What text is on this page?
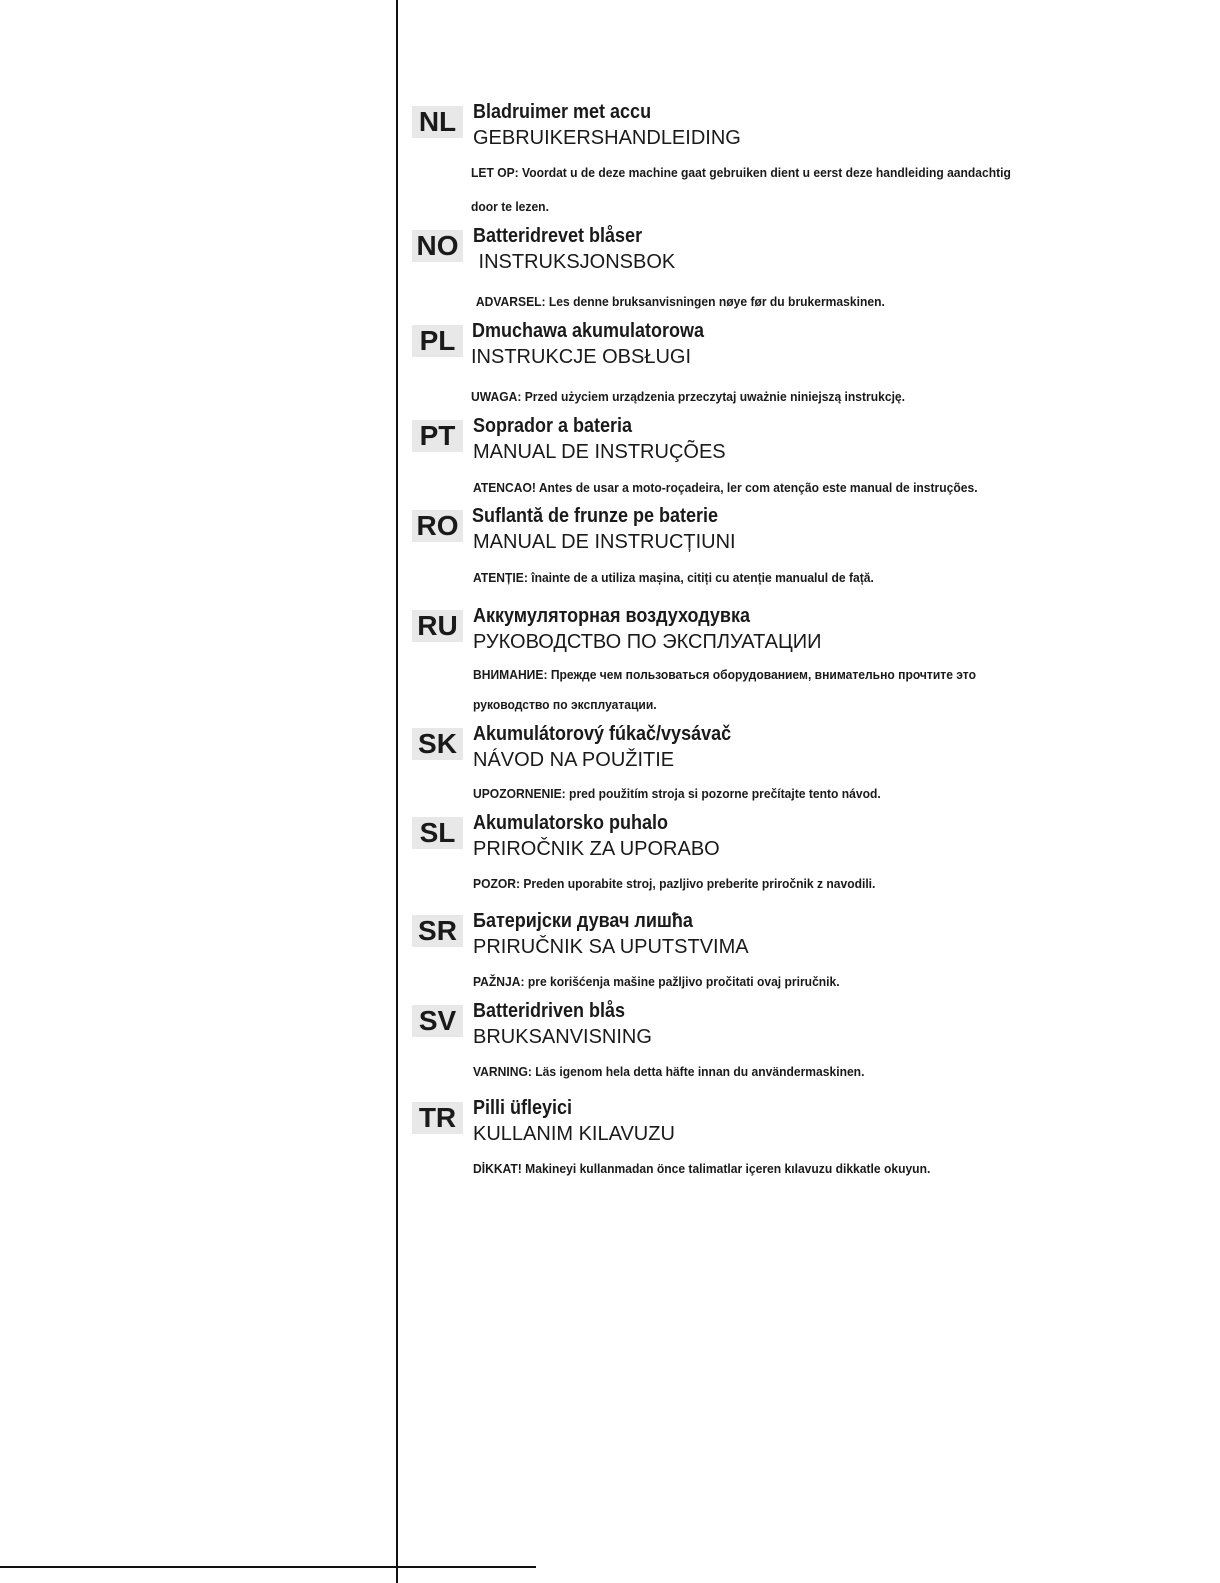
NL Bladruimer met accu
GEBRUIKERSHANDLEIDING
LET OP: Voordat u de deze machine gaat gebruiken dient u eerst deze handleiding aandachtig
door te lezen.
NO Batteridrevet blåser
INSTRUKSJONSBOK
ADVARSEL: Les denne bruksanvisningen nøye før du brukermaskinen.
PL Dmuchawa akumulatorowa
INSTRUKCJE OBSŁUGI
UWAGA: Przed użyciem urządzenia przeczytaj uważnie niniejszą instrukcję.
PT Soprador a bateria
MANUAL DE INSTRUÇÕES
ATENCAO! Antes de usar a moto-roçadeira, ler com atenção este manual de instruções.
RO Suflantă de frunze pe baterie
MANUAL DE INSTRUCȚIUNI
ATENȚIE: înainte de a utiliza mașina, citiți cu atenție manualul de față.
RU Аккумуляторная воздуходувка
РУКОВОДСТВО ПО ЭКСПЛУАТАЦИИ
ВНИМАНИЕ: Прежде чем пользоваться оборудованием, внимательно прочтите это
руководство по эксплуатации.
SK Akumulátorový fúkač/vysávač
NÁVOD NA POUŽITIE
UPOZORNENIE: pred použitím stroja si pozorne prečítajte tento návod.
SL Akumulatorsko puhalo
PRIROČNIK ZA UPORABO
POZOR: Preden uporabite stroj, pazljivo preberite priročnik z navodili.
SR Батеријски дувач лишћа
PRIRUČNIK SA UPUTSTVIMA
PAŽNJA: pre korišćenja mašine pažljivo pročitati ovaj priručnik.
SV Batteridriven blås
BRUKSANVISNING
VARNING: Läs igenom hela detta häfte innan du användermaskinen.
TR Pilli üfleyici
KULLANIM KILAVUZU
DİKKAT! Makineyi kullanmadan önce talimatlar içeren kılavuzu dikkatle okuyun.
